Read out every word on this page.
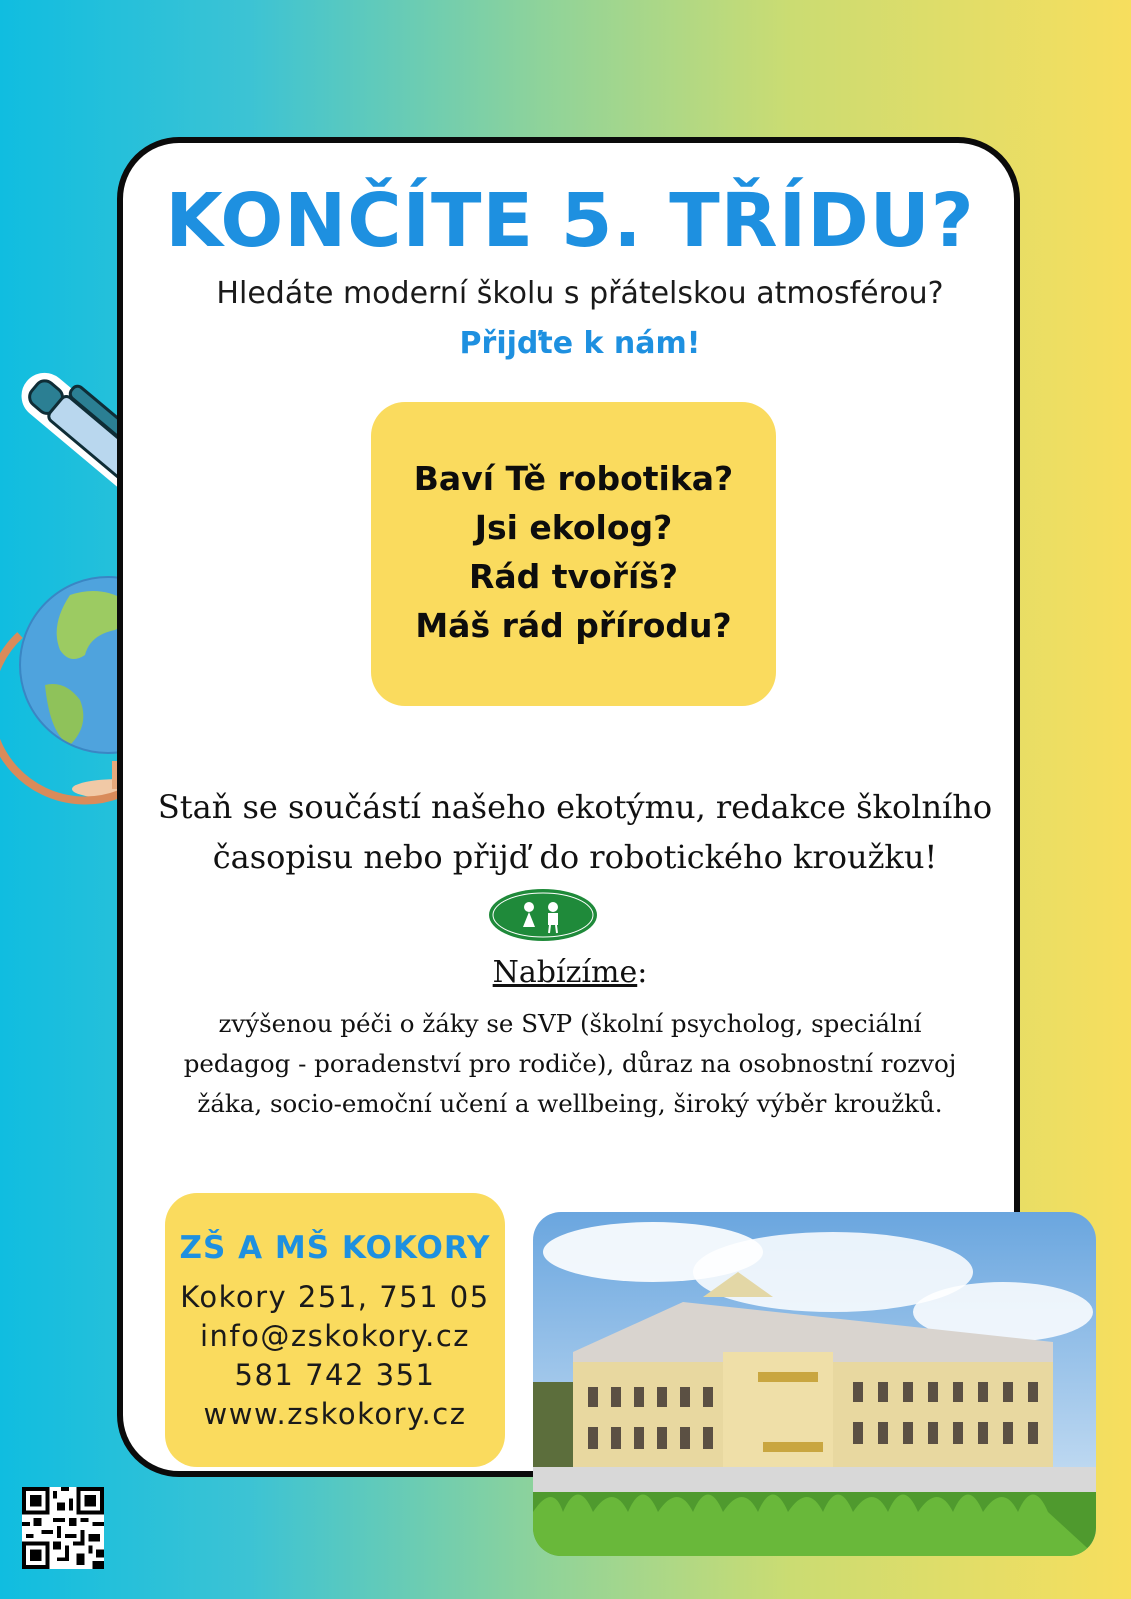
KONČÍTE 5. TŘÍDU?

Hledáte moderní školu s přátelskou atmosférou?

Přijďte k nám!

Baví Tě robotika?

Jsi ekolog?

Rád tvoříš?

Máš rád přírodu?

Staň se součástí našeho ekotýmu, redakce školního
časopisu nebo přijď do robotického kroužku!

Nabízíme:

zvýšenou péči o žáky se SVP (školní psycholog, speciální
pedagog - poradenství pro rodiče), důraz na osobnostní rozvoj
žáka, socio-emoční učení a wellbeing, široký výběr kroužků.

ZŠ A MŠ KOKORY

Kokory 251, 751 05

info@zskokory.cz

581 742 351

www.zskokory.cz
